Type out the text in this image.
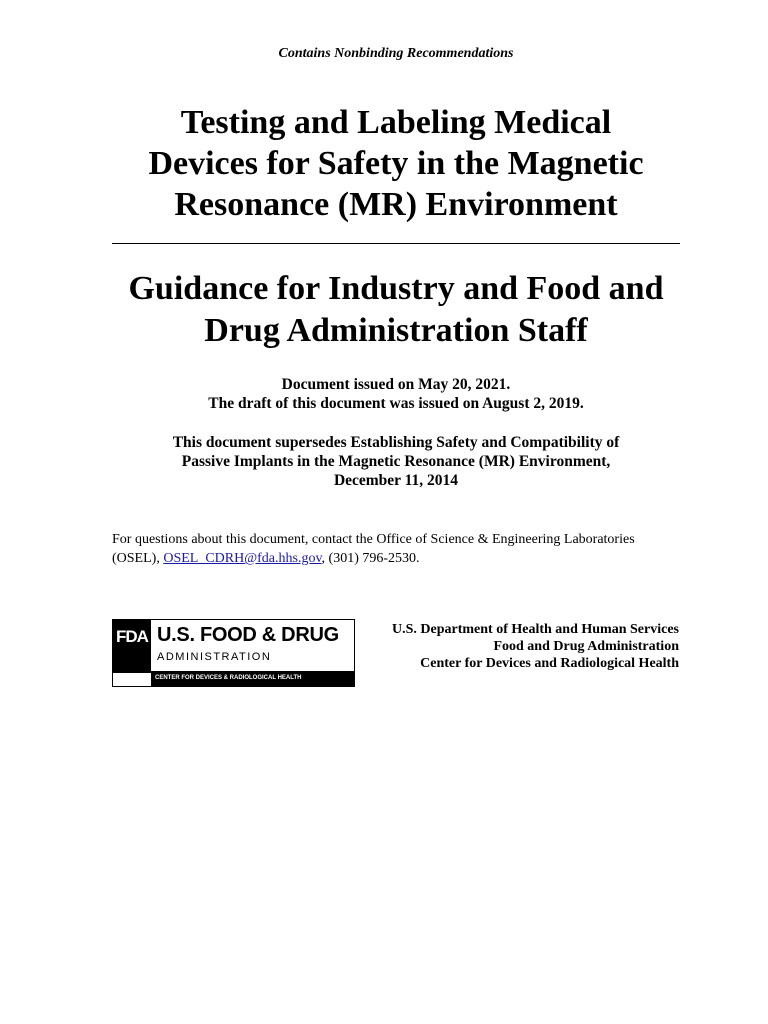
Contains Nonbinding Recommendations
Testing and Labeling Medical
Devices for Safety in the Magnetic
Resonance (MR) Environment
Guidance for Industry and Food and
Drug Administration Staff
Document issued on May 20, 2021.
The draft of this document was issued on August 2, 2019.
This document supersedes Establishing Safety and Compatibility of
Passive Implants in the Magnetic Resonance (MR) Environment,
December 11, 2014
For questions about this document, contact the Office of Science & Engineering Laboratories (OSEL), OSEL_CDRH@fda.hhs.gov, (301) 796-2530.
FDA U.S. FOOD & DRUG
ADMINISTRATION
CENTER FOR DEVICES & RADIOLOGICAL HEALTH
U.S. Department of Health and Human Services
Food and Drug Administration
Center for Devices and Radiological Health
